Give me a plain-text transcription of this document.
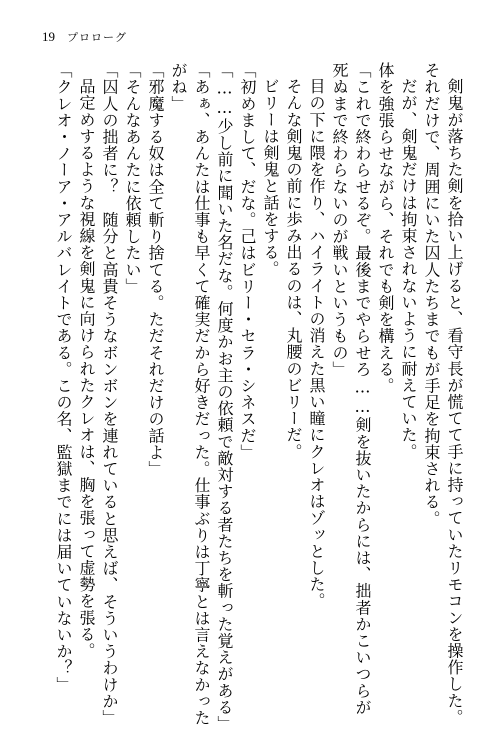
19 プロローグ
剣鬼が落ちた剣を拾い上げると、看守長が慌てて手に持っていたリモコンを操作した。
それだけで、周囲にいた囚人たちまでもが手足を拘束される。
だが、剣鬼だけは拘束されないように耐えていた。
体を強張らせながら、それでも剣を構える。
「これで終わらせるぞ。最後までやらせろ……剣を抜いたからには、拙者かこいつらが
死ぬまで終わらないのが戦いというもの」
目の下に隈を作り、ハイライトの消えた黒い瞳にクレオはゾッとした。
そんな剣鬼の前に歩み出るのは、丸腰のビリーだ。
ビリーは剣鬼と話をする。
「初めまして、だな。己はビリー・セラ・シネスだ」
「……少し前に聞いた名だな。何度かお主の依頼で敵対する者たちを斬った覚えがある」
「あぁ、あんたは仕事も早くて確実だから好きだった。仕事ぶりは丁寧とは言えなかった
がね」
「邪魔する奴は全て斬り捨てる。ただそれだけの話よ」
「そんなあんたに依頼したい」
「囚人の拙者に？　随分と高貴そうなボンボンを連れていると思えば、そういうわけか」
品定めするような視線を剣鬼に向けられたクレオは、胸を張って虚勢を張る。
「クレオ・ノーア・アルバレイトである。この名、監獄までには届いていないか？」
